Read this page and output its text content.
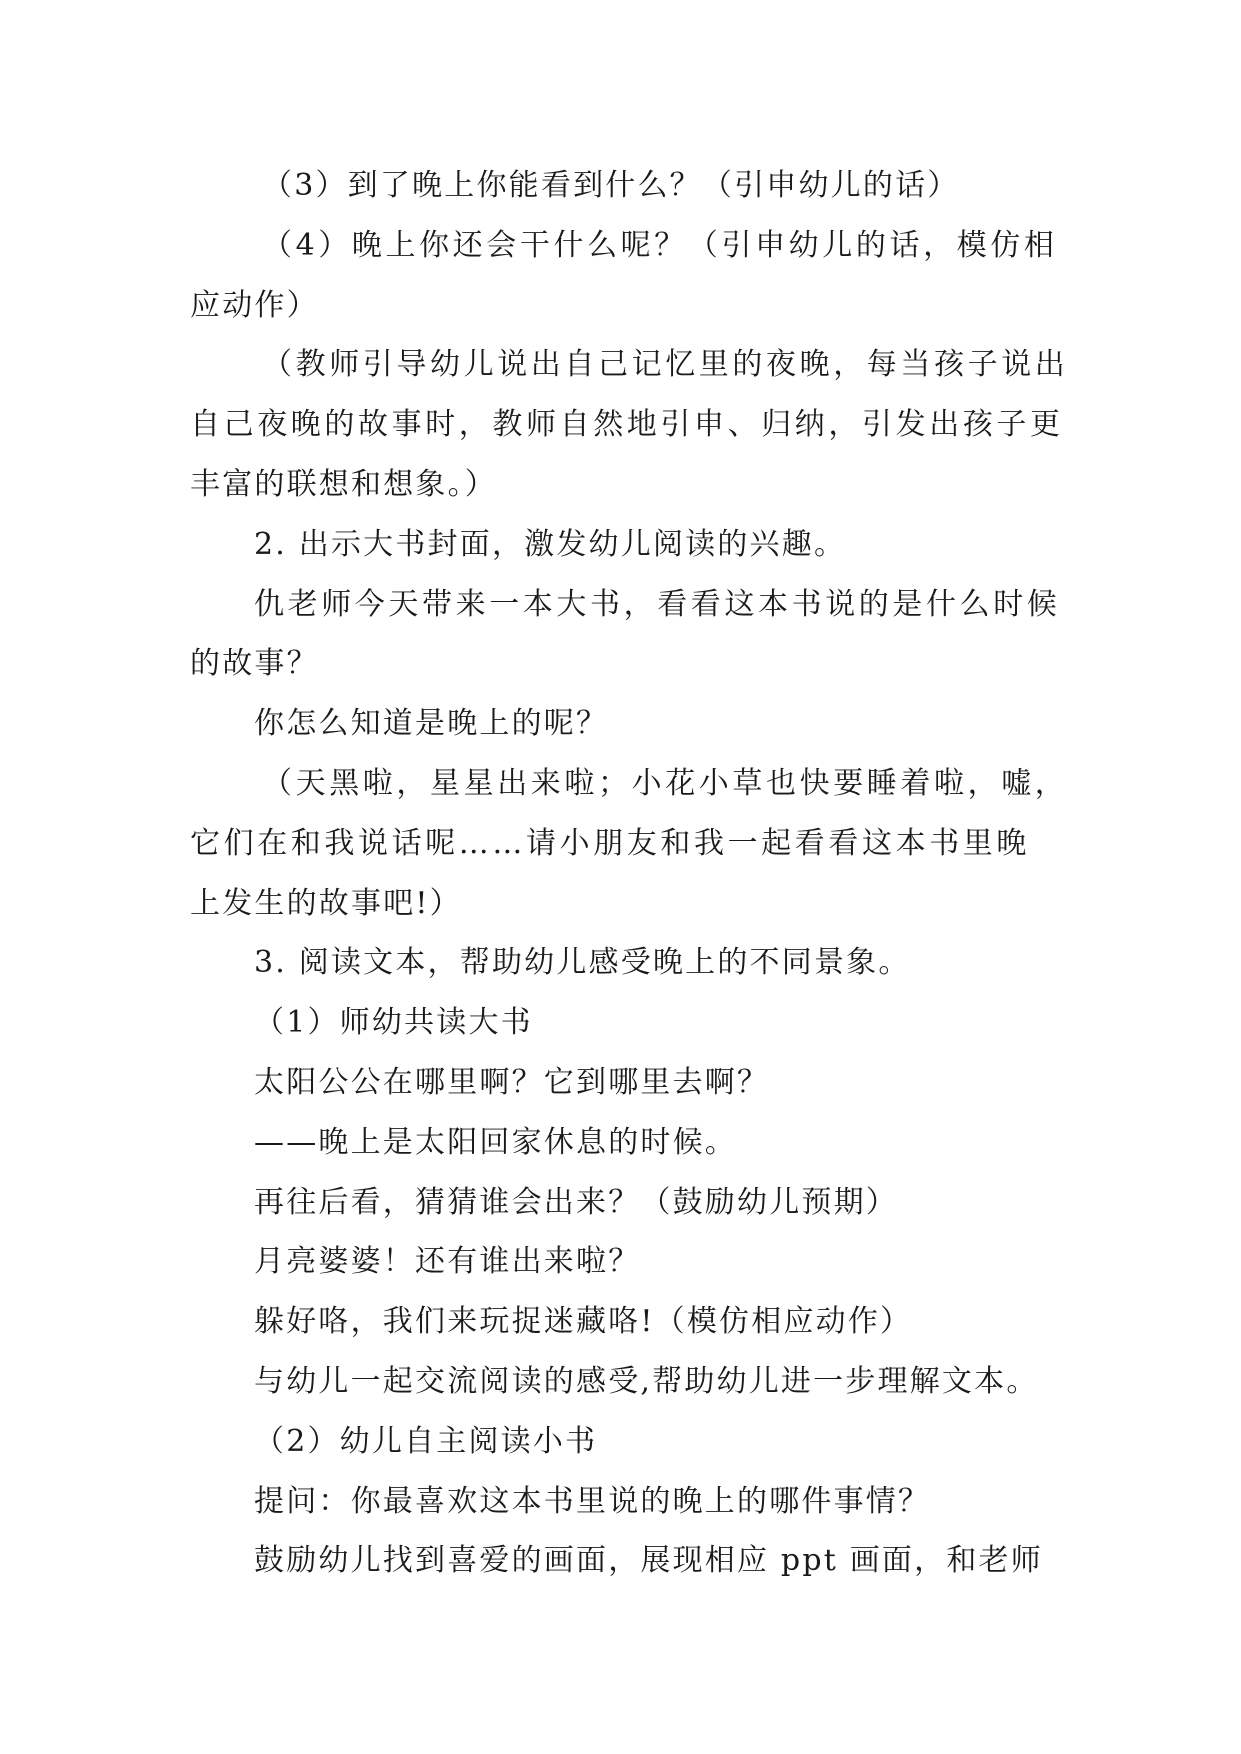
（3）到了晚上你能看到什么？（引申幼儿的话）
（4）晚上你还会干什么呢？（引申幼儿的话，模仿相
应动作）
（教师引导幼儿说出自己记忆里的夜晚，每当孩子说出
自己夜晚的故事时，教师自然地引申、归纳，引发出孩子更
丰富的联想和想象。）
2. 出示大书封面，激发幼儿阅读的兴趣。
仇老师今天带来一本大书，看看这本书说的是什么时候
的故事？
你怎么知道是晚上的呢？
（天黑啦，星星出来啦；小花小草也快要睡着啦，嘘，
它们在和我说话呢……请小朋友和我一起看看这本书里晚
上发生的故事吧!）
3. 阅读文本，帮助幼儿感受晚上的不同景象。
（1）师幼共读大书
太阳公公在哪里啊？它到哪里去啊？
——晚上是太阳回家休息的时候。
再往后看，猜猜谁会出来？（鼓励幼儿预期）
月亮婆婆！还有谁出来啦？
躲好咯，我们来玩捉迷藏咯!（模仿相应动作）
与幼儿一起交流阅读的感受,帮助幼儿进一步理解文本。
（2）幼儿自主阅读小书
提问：你最喜欢这本书里说的晚上的哪件事情？
鼓励幼儿找到喜爱的画面，展现相应 ppt 画面，和老师
